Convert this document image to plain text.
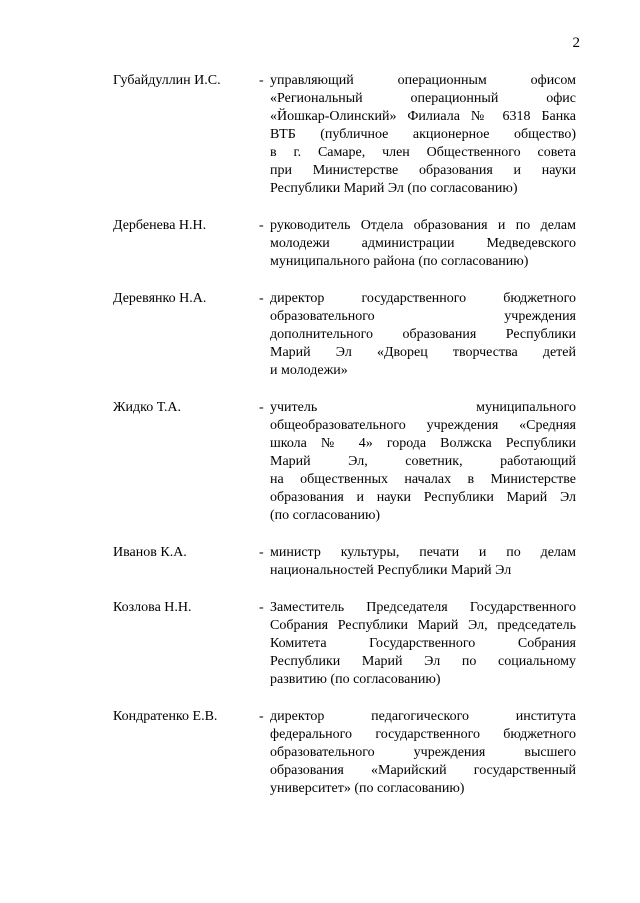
2
Губайдуллин И.С.	- управляющий операционным офисом
«Региональный операционный офис
«Йошкар-Олинский» Филиала № 6318 Банка
ВТБ (публичное акционерное общество)
в г. Самаре, член Общественного совета
при Министерстве образования и науки
Республики Марий Эл (по согласованию)
Дербенева Н.Н.	- руководитель Отдела образования и по делам
молодежи администрации Медведевского
муниципального района (по согласованию)
Деревянко Н.А.	- директор государственного бюджетного
образовательного учреждения
дополнительного образования Республики
Марий Эл «Дворец творчества детей
и молодежи»
Жидко Т.А.	- учитель муниципального
общеобразовательного учреждения «Средняя
школа № 4» города Волжска Республики
Марий Эл, советник, работающий
на общественных началах в Министерстве
образования и науки Республики Марий Эл
(по согласованию)
Иванов К.А.	- министр культуры, печати и по делам
национальностей Республики Марий Эл
Козлова Н.Н.	- Заместитель Председателя Государственного
Собрания Республики Марий Эл, председатель
Комитета Государственного Собрания
Республики Марий Эл по социальному
развитию (по согласованию)
Кондратенко Е.В.	- директор педагогического института
федерального государственного бюджетного
образовательного учреждения высшего
образования «Марийский государственный
университет» (по согласованию)
